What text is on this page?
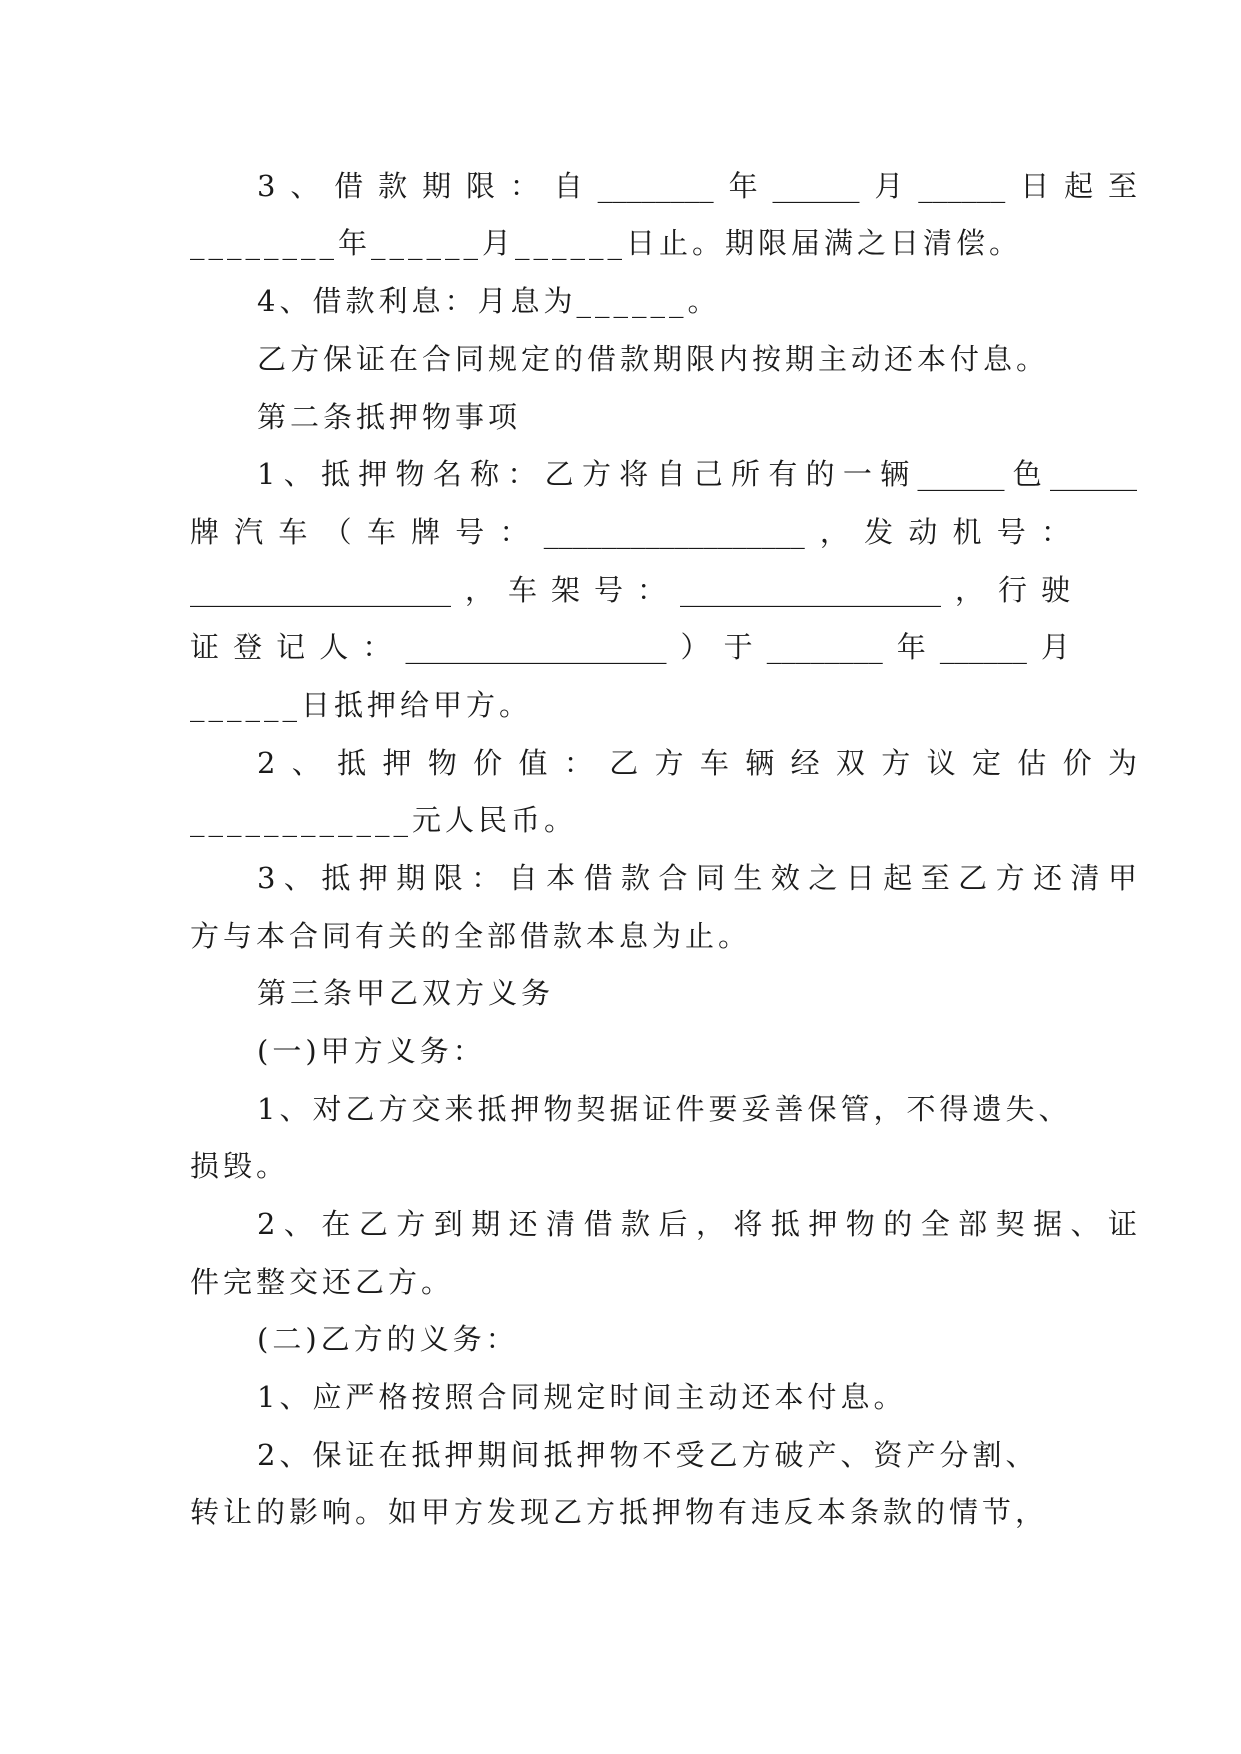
3、借款期限：自________年______月______日起至
________年______月______日止。期限届满之日清偿。
4、借款利息：月息为______。
乙方保证在合同规定的借款期限内按期主动还本付息。
第二条抵押物事项
1、抵押物名称：乙方将自己所有的一辆______色______
牌汽车（车牌号：__________________，发动机号：
__________________，车架号：__________________，行驶
证登记人：__________________）于________年______月
______日抵押给甲方。
2、抵押物价值：乙方车辆经双方议定估价为
____________元人民币。
3、抵押期限：自本借款合同生效之日起至乙方还清甲
方与本合同有关的全部借款本息为止。
第三条甲乙双方义务
(一)甲方义务：
1、对乙方交来抵押物契据证件要妥善保管，不得遗失、
损毁。
2、在乙方到期还清借款后，将抵押物的全部契据、证
件完整交还乙方。
(二)乙方的义务：
1、应严格按照合同规定时间主动还本付息。
2、保证在抵押期间抵押物不受乙方破产、资产分割、
转让的影响。如甲方发现乙方抵押物有违反本条款的情节，
